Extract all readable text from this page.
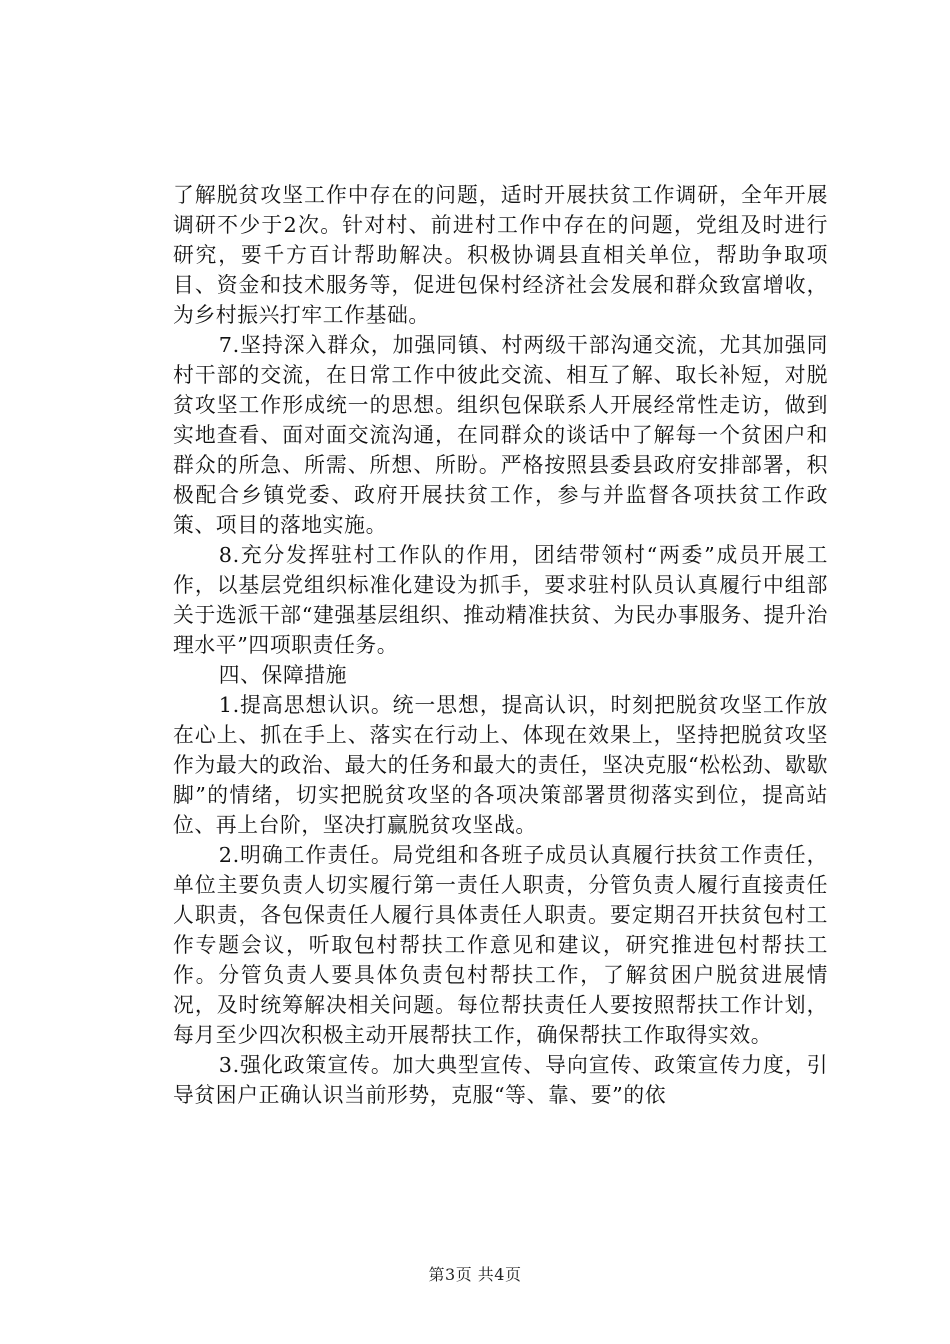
了解脱贫攻坚工作中存在的问题，适时开展扶贫工作调研，全年开展调研不少于2次。针对村、前进村工作中存在的问题，党组及时进行研究，要千方百计帮助解决。积极协调县直相关单位，帮助争取项目、资金和技术服务等，促进包保村经济社会发展和群众致富增收，为乡村振兴打牢工作基础。

7.坚持深入群众，加强同镇、村两级干部沟通交流，尤其加强同村干部的交流，在日常工作中彼此交流、相互了解、取长补短，对脱贫攻坚工作形成统一的思想。组织包保联系人开展经常性走访，做到实地查看、面对面交流沟通，在同群众的谈话中了解每一个贫困户和群众的所急、所需、所想、所盼。严格按照县委县政府安排部署，积极配合乡镇党委、政府开展扶贫工作，参与并监督各项扶贫工作政策、项目的落地实施。

8.充分发挥驻村工作队的作用，团结带领村“两委”成员开展工作，以基层党组织标准化建设为抓手，要求驻村队员认真履行中组部关于选派干部“建强基层组织、推动精准扶贫、为民办事服务、提升治理水平”四项职责任务。

四、保障措施

1.提高思想认识。统一思想，提高认识，时刻把脱贫攻坚工作放在心上、抓在手上、落实在行动上、体现在效果上，坚持把脱贫攻坚作为最大的政治、最大的任务和最大的责任，坚决克服“松松劲、歇歇脚”的情绪，切实把脱贫攻坚的各项决策部署贯彻落实到位，提高站位、再上台阶，坚决打赢脱贫攻坚战。

2.明确工作责任。局党组和各班子成员认真履行扶贫工作责任，单位主要负责人切实履行第一责任人职责，分管负责人履行直接责任人职责，各包保责任人履行具体责任人职责。要定期召开扶贫包村工作专题会议，听取包村帮扶工作意见和建议，研究推进包村帮扶工作。分管负责人要具体负责包村帮扶工作，了解贫困户脱贫进展情况，及时统筹解决相关问题。每位帮扶责任人要按照帮扶工作计划，每月至少四次积极主动开展帮扶工作，确保帮扶工作取得实效。

3.强化政策宣传。加大典型宣传、导向宣传、政策宣传力度，引导贫困户正确认识当前形势，克服“等、靠、要”的依

第3页 共4页
